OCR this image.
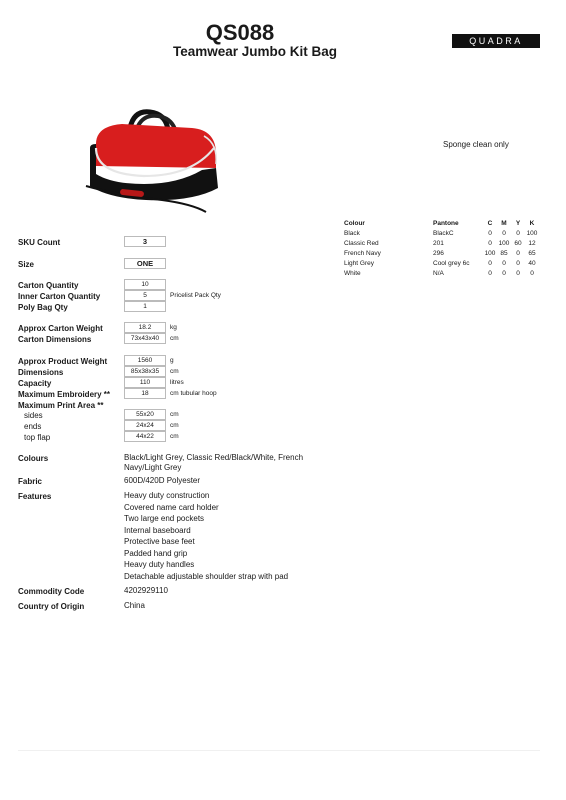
QS088
Teamwear Jumbo Kit Bag
QUADRA
Sponge clean only
SKU Count	3
Size	ONE
Carton Quantity	10
Inner Carton Quantity	5	Pricelist Pack Qty
Poly Bag Qty	1
Approx Carton Weight	18.2	kg
Carton Dimensions	73x43x40	cm
Approx Product Weight	1560	g
Dimensions	85x38x35	cm
Capacity	110	litres
Maximum Embroidery **	18	cm tubular hoop
Maximum Print Area **
sides	55x20	cm
ends	24x24	cm
top flap	44x22	cm
Colours	Black/Light Grey, Classic Red/Black/White, French Navy/Light Grey
Fabric	600D/420D Polyester
Features	Heavy duty construction
Covered name card holder
Two large end pockets
Internal baseboard
Protective base feet
Padded hand grip
Heavy duty handles
Detachable adjustable shoulder strap with pad
Commodity Code	4202929110
Country of Origin	China
Colour	Pantone	C	M	Y	K
Black	BlackC	0	0	0	100
Classic Red	201	0	100	60	12
French Navy	296	100	85	0	65
Light Grey	Cool grey 6c	0	0	0	40
White	N/A	0	0	0	0
